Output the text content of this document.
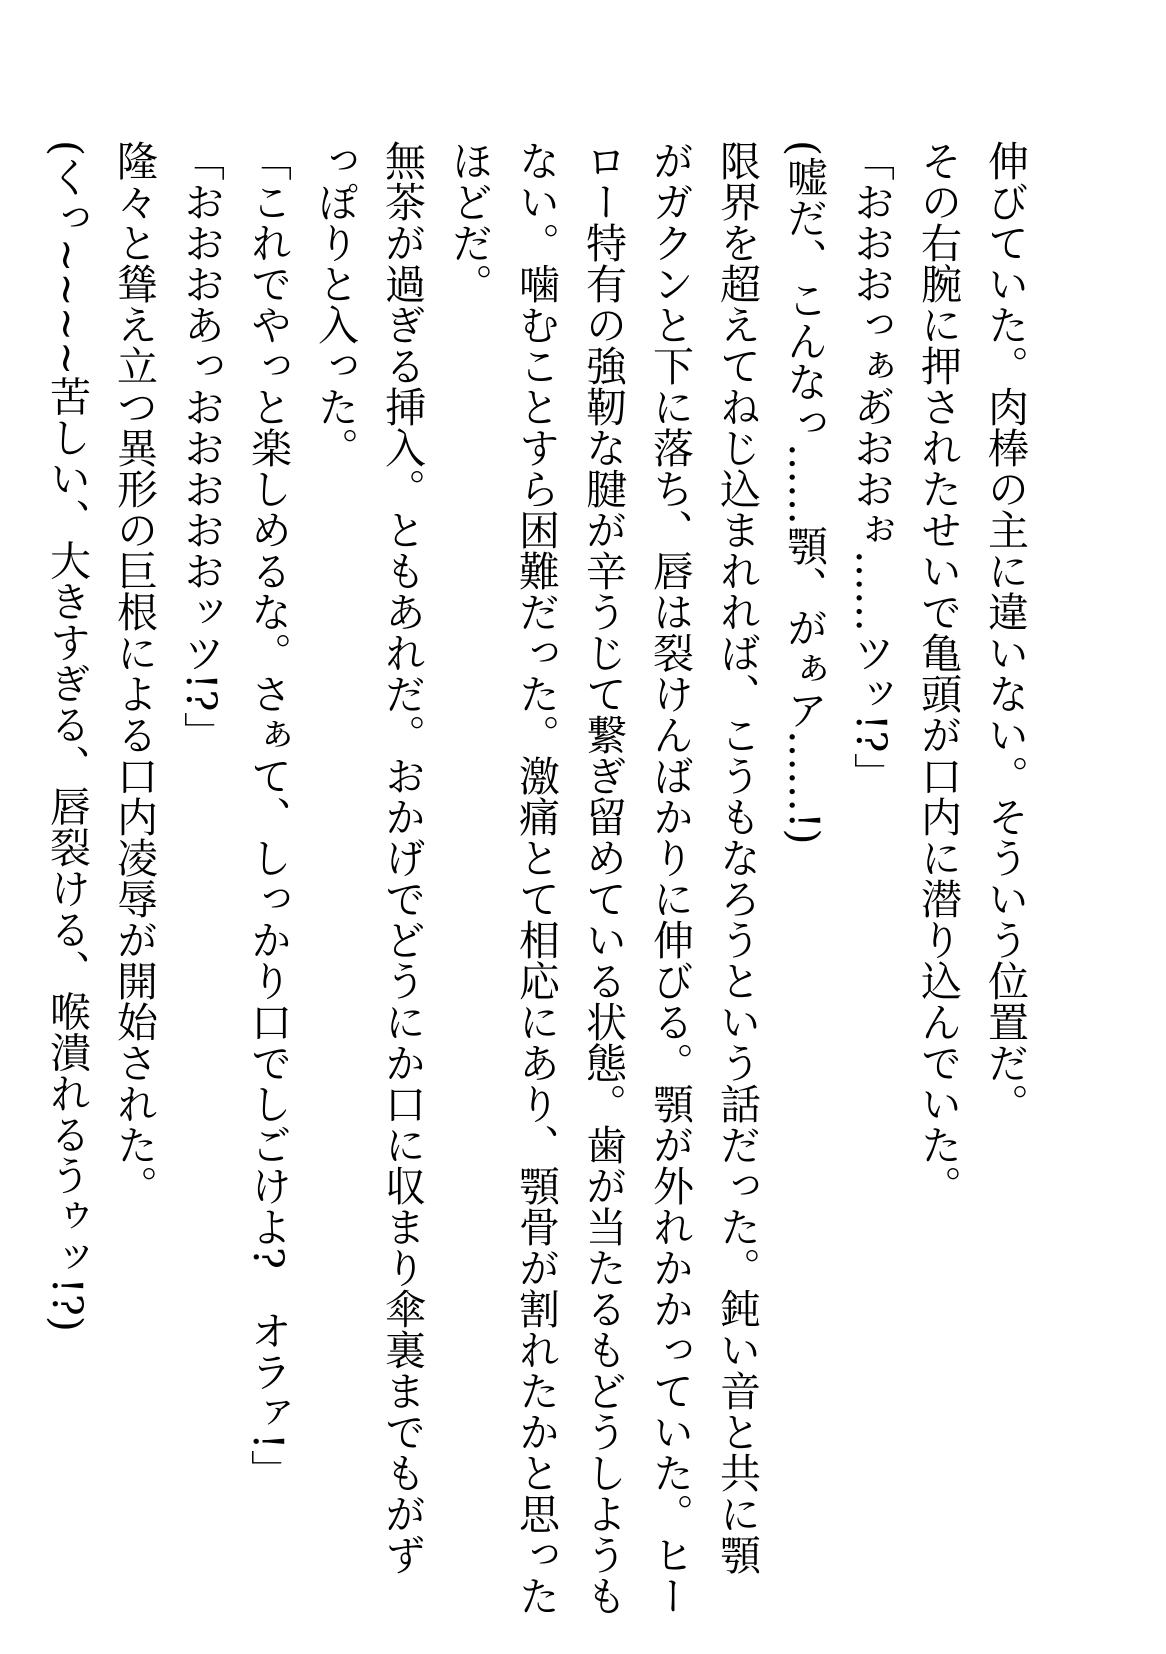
伸びていた。肉棒の主に違いない。そういう位置だ。
その右腕に押されたせいで亀頭が口内に潜り込んでいた。
「おおおっぁあ゙おおぉ……ツッ!?」
(嘘だ、こんなっ……顎、がぁア……!)
限界を超えてねじ込まれれば、こうもなろうという話だった。鈍い音と共に顎
がガクンと下に落ち、唇は裂けんばかりに伸びる。顎が外れかかっていた。ヒー
ロー特有の強靭な腱が辛うじて繋ぎ留めている状態。歯が当たるもどうしようも
ない。噛むことすら困難だった。激痛とて相応にあり、顎骨が割れたかと思った
ほどだ。
無茶が過ぎる挿入。ともあれだ。おかげでどうにか口に収まり傘裏までもがず
っぽりと入った。
「これでやっと楽しめるな。さぁて、しっかり口でしごけよ?　オラァ!」
「おおおあっおおおおおッツ!?」
隆々と聳え立つ異形の巨根による口内凌辱が開始された。
(くっ~~~~苦しい、大きすぎる、唇裂ける、喉潰れるうゥッ!?)
